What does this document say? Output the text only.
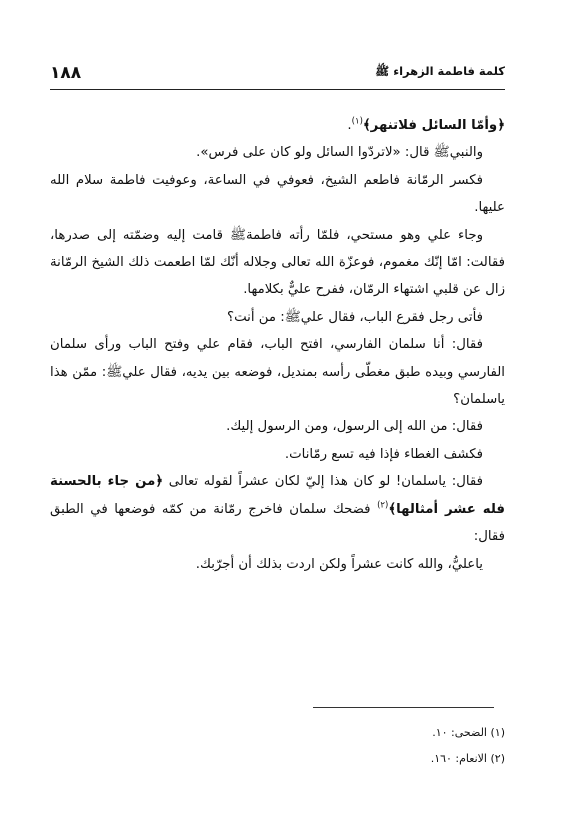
١٨٨	كلمة فاطمة الزهراء ﷺ

﴿وأمّا السائل فلاتنهر﴾$^{(١)}$.

والنبيﷺ قال: «لاتردّوا السائل ولو كان على فرس».

فكسر الرمّانة فاطعم الشيخ، فعوفي في الساعة، وعوفيت فاطمة سلام الله عليها.

وجاء علي وهو مستحي، فلمّا رأته فاطمةﷺ قامت إليه وضمّته إلى صدرها، فقالت: امّا إنّك مغموم، فوعزّة الله تعالى وجلاله أنّك لمّا اطعمت ذلك الشيخ الرمّانة زال عن قلبي اشتهاء الرمّان، ففرح عليٌّ بكلامها.

فأتى رجل فقرع الباب، فقال عليﷺ: من أنت؟

فقال: أنا سلمان الفارسي، افتح الباب، فقام علي وفتح الباب ورأى سلمان الفارسي وبيده طبق مغطّى رأسه بمنديل، فوضعه بين يديه، فقال عليﷺ: ممّن هذا ياسلمان؟

فقال: من الله إلى الرسول، ومن الرسول إليك.

فكشف الغطاء فإذا فيه تسع رمّانات.

فقال: ياسلمان! لو كان هذا إليّ لكان عشراً لقوله تعالى ﴿من جاء بالحسنة فله عشر أمثالها﴾$^{(٢)}$ فضحك سلمان فاخرج رمّانة من كمّه فوضعها في الطبق فقال:

ياعليُّ، والله كانت عشراً ولكن اردت بذلك أن أجرّبك.

(١) الضحى: ١٠.

(٢) الانعام: ١٦٠.
